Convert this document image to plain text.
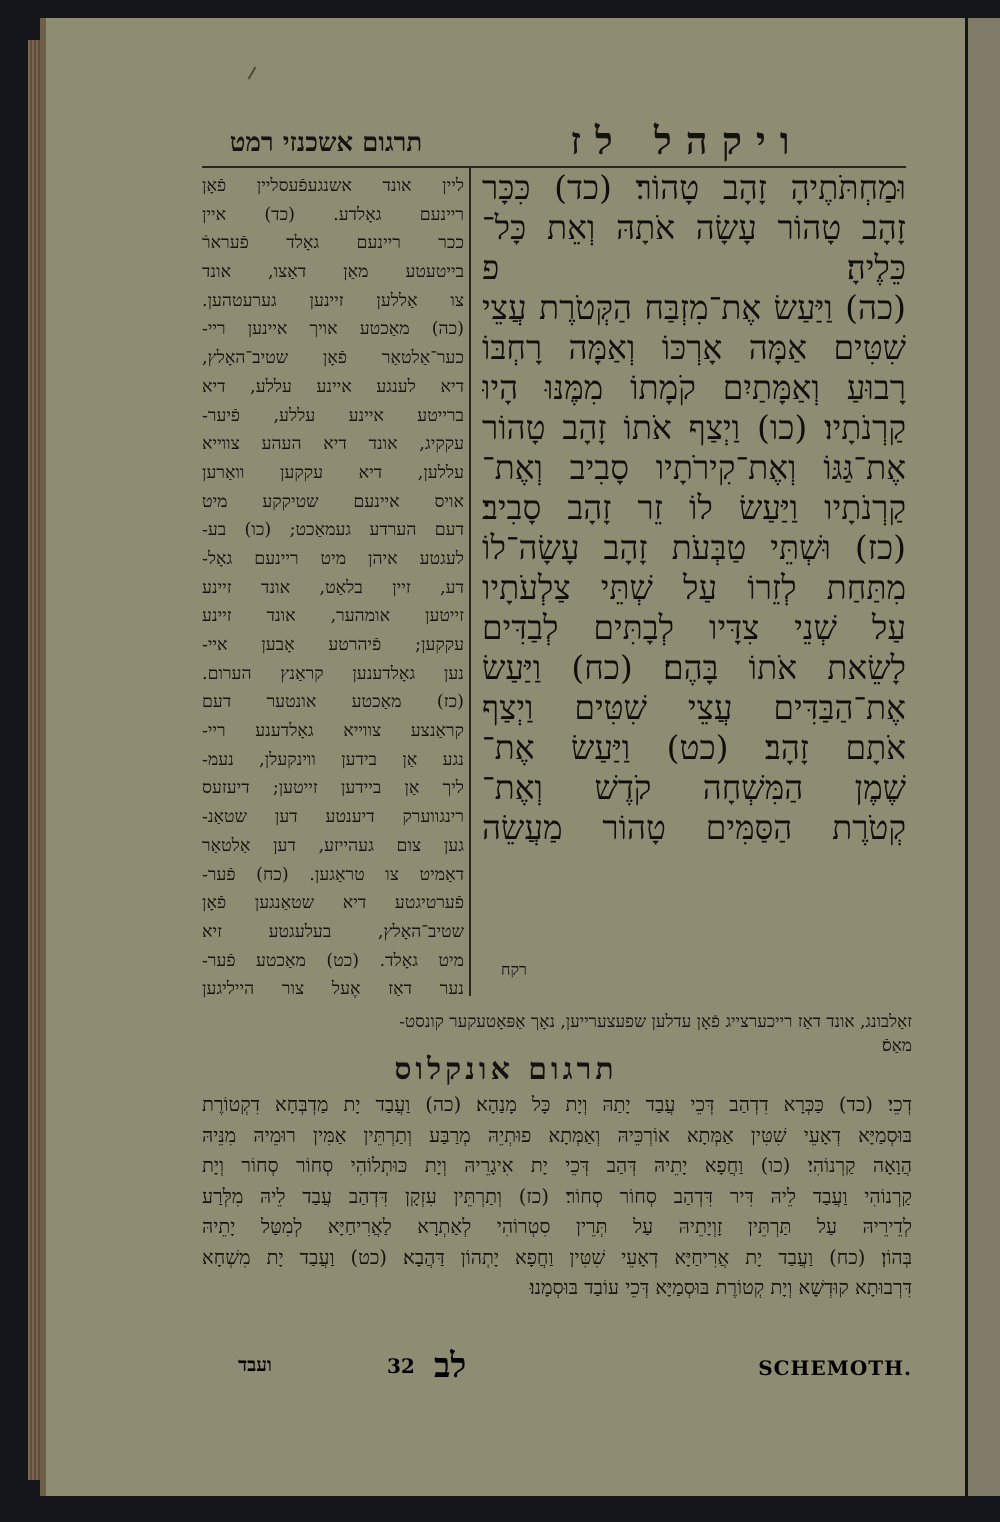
תרגום אשכנזי רמט	ויקהל לז
וּמַחְתֹּתֶיהָ זָהָב טָהוֹר׃ (כד) כִּכָּר
זָהָב טָהוֹר עָשָׂה אֹתָהּ וְאֵת כָּל־
כֵּלֶיהָ׃ פ
(כה) וַיַּעַשׂ אֶת־מִזְבַּח הַקְּטֹרֶת עֲצֵי
שִׁטִּים אַמָּה אָרְכּוֹ וְאַמָּה רָחְבּוֹ
רָבוּעַ וְאַמָּתַיִם קֹמָתוֹ מִמֶּנּוּ הָיוּ
קַרְנֹתָיו׃ (כו) וַיְצַף אֹתוֹ זָהָב טָהוֹר
אֶת־גַּגּוֹ וְאֶת־קִירֹתָיו סָבִיב וְאֶת־
קַרְנֹתָיו וַיַּעַשׂ לוֹ זֵר זָהָב סָבִיב׃
(כז) וּשְׁתֵּי טַבְּעֹת זָהָב עָשָׂה־לוֹ
מִתַּחַת לְזֵרוֹ עַל שְׁתֵּי צַלְעֹתָיו
עַל שְׁנֵי צִדָּיו לְבָתִּים לְבַדִּים
לָשֵׂאת אֹתוֹ בָּהֶם׃ (כח) וַיַּעַשׂ
אֶת־הַבַּדִּים עֲצֵי שִׁטִּים וַיְצַף
אֹתָם זָהָב׃ (כט) וַיַּעַשׂ אֶת־
שֶׁמֶן הַמִּשְׁחָה קֹדֶשׁ וְאֶת־
קְטֹרֶת הַסַּמִּים טָהוֹר מַעֲשֵׂה
ליין אונד אשנגעפֿעסליין פֿאָן
ריינעם גאָלדע. (כד) איין
ככר ריינעם גאָלד פֿערארֿ
בייטעטע מאַן דאַצו, אונד
צו אַללען זיינען גערעטהען.
(כה) מאַכטע אויך איינען ריי֊
כער־אַלטאַר פֿאָן שטיב־האָלץ,
דיא לענגע איינע עללע, דיא
ברייטע איינע עללע, פֿיער֊
עקקיג, אונד דיא העהע צווייא
עללען, דיא עקקען וואַרען
אויס איינעם שטיקקע מיט
דעם הערדע געמאַכט; (כו) בע֊
לעגטע איהן מיט ריינעם גאָל֊
דע, זיין בלאַט, אונד זיינע
זייטען אומהער, אונד זיינע
עקקען; פֿיהרטע אָבען איי֊
נען גאָלדענען קראַנץ הערום.
(כז) מאַכטע אונטער דעם
קראַנצע צווייא גאָלדענע ריי֊
נגע אַן בידען ווינקעלן, נעמ֊
ליך אַן ביידען זייטען; דיעזעס
רינגווערק דיענטע דען שטאַנ֊
גען צום געהייזע, דען אַלטאַר
דאַמיט צו טראַגען. (כח) פֿער֊
פֿערטיגטע דיא שטאַנגען פֿאָן
שטיב־האָלץ, בעלעגטע זיא
מיט גאָלד. (כט) מאַכטע פֿער֊
נער דאַז אֶעל צור הייליגען
רקח
זאַלבונג, אונד דאַז רייכערצייג פֿאָן עדלען שפעצערייען, נאָך אַפּאָטעקער קונסט֊
מאַסֿ׃
תרגום אונקלוס
דְכֵי׃ (כד) כַּכְּרָא דִדְהַב דְּכֵי עֲבַד יָתַהּ וְיָת כָּל מָנַהָא׃ (כה) וַעֲבַד יָת מַדְבְּחָא דִקְטוֹרֶת
בּוּסְמַיָּא דְאָעֵי שִׁטִּין אַמְּתָא אוֹרְכֵּיהּ וְאַמְּתָא פוּתְיֵהּ מְרַבַּע וְתַרְתֵּין אַמִּין רוּמֵיהּ מִנֵּיהּ
הֲוָאָה קַרְנוֹהִי׃ (כו) וַחֲפָא יָתֵיהּ דְּהַב דְּכֵי יָת אִיגָרֵיהּ וְיָת כּוּתְלוֹהִי סְחוֹר סְחוֹר וְיָת
קַרְנוֹהִי וַעֲבַד לֵיהּ דִּיר דִּדְהַב סְחוֹר סְחוֹר׃ (כז) וְתַרְתֵּין עִזְקָן דִּדְהַב עֲבַד לֵיהּ מִלְּרַע
לְדֵירֵיהּ עַל תַּרְתֵּין זָוְיָתֵיהּ עַל תְּרֵין סִטְרוֹהִי לְאַתְרָא לַאֲרִיחַיָּא לְמִטַּל יָתֵיהּ
בְּהוֹן׃ (כח) וַעֲבַד יָת אֲרִיחַיָּא דְאָעֵי שִׁטִּין וַחֲפָא יָתְהוֹן דַּהֲבָא׃ (כט) וַעֲבַד יָת מִשְׁחָא
דִּרְבוּתָא קוּדְשָׁא וְיָת קְטוֹרֶת בּוּסְמַיָּא דְּכֵי עוֹבַד בּוּסְמָנוּ׃
ועבד	32 לב	SCHEMOTH.
